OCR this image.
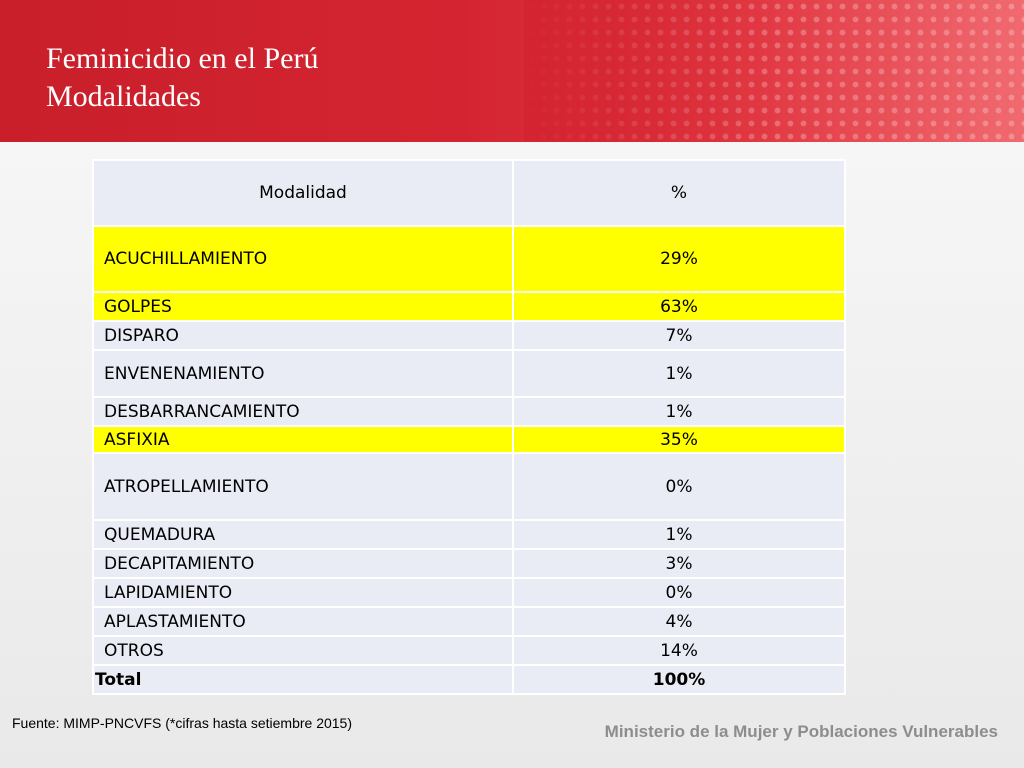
Feminicidio en el Perú
Modalidades
Modalidad	%
ACUCHILLAMIENTO	29%
GOLPES	63%
DISPARO	7%
ENVENENAMIENTO	1%
DESBARRANCAMIENTO	1%
ASFIXIA	35%
ATROPELLAMIENTO	0%
QUEMADURA	1%
DECAPITAMIENTO	3%
LAPIDAMIENTO	0%
APLASTAMIENTO	4%
OTROS	14%
Total	100%
Fuente: MIMP-PNCVFS (*cifras hasta setiembre 2015)	Ministerio de la Mujer y Poblaciones Vulnerables
